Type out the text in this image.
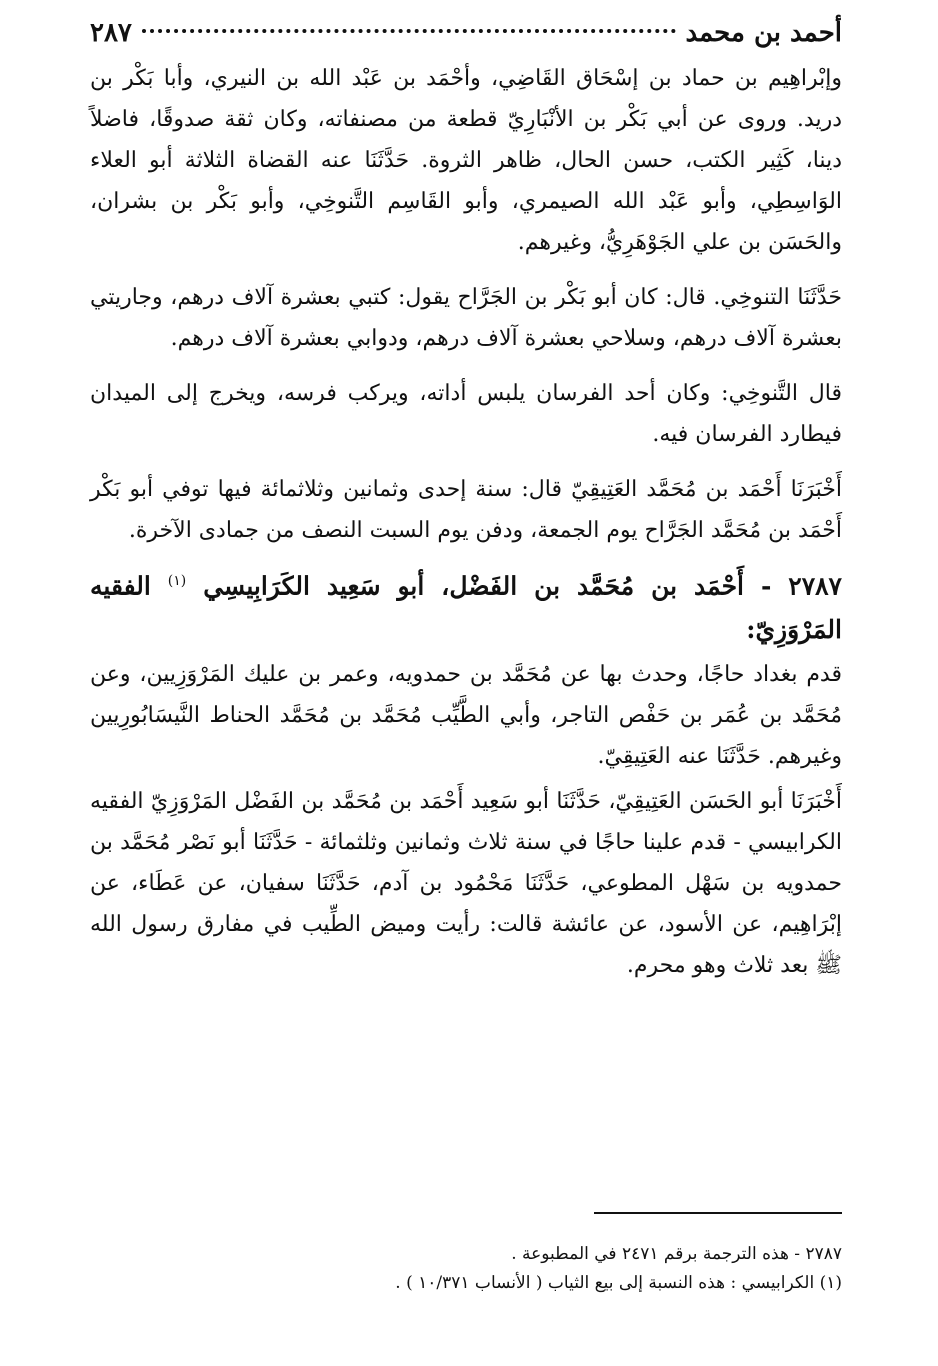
أحمد بن محمد
٢٨٧

وإبْراهِيم بن حماد بن إسْحَاق القَاضِي، وأحْمَد بن عَبْد الله بن النيري، وأبا بَكْر بن دريد. وروى عن أبي بَكْر بن الأنْبَارِيّ قطعة من مصنفاته، وكان ثقة صدوقًا، فاضلاً دينا، كَثِير الكتب، حسن الحال، ظاهر الثروة. حَدَّثَنَا عنه القضاة الثلاثة أبو العلاء الوَاسِطِي، وأبو عَبْد الله الصيمري، وأبو القَاسِم التَّنوخِي، وأبو بَكْر بن بشران، والحَسَن بن علي الجَوْهَرِيُّ، وغيرهم.

حَدَّثَنَا التنوخِي. قال: كان أبو بَكْر بن الجَرَّاح يقول: كتبي بعشرة آلاف درهم، وجاريتي بعشرة آلاف درهم، وسلاحي بعشرة آلاف درهم، ودوابي بعشرة آلاف درهم.

قال التَّنوخِي: وكان أحد الفرسان يلبس أداته، ويركب فرسه، ويخرج إلى الميدان فيطارد الفرسان فيه.

أَخْبَرَنَا أَحْمَد بن مُحَمَّد العَتِيقِيّ قال: سنة إحدى وثمانين وثلاثمائة فيها توفي أبو بَكْر أَحْمَد بن مُحَمَّد الجَرَّاح يوم الجمعة، ودفن يوم السبت النصف من جمادى الآخرة.

٢٧٨٧ - أَحْمَد بن مُحَمَّد بن الفَضْل، أبو سَعِيد الكَرَابِيسِي $^{(١)}$ الفقيه المَرْوَزِيّ:

قدم بغداد حاجًا، وحدث بها عن مُحَمَّد بن حمدويه، وعمر بن عليك المَرْوَزِيين، وعن مُحَمَّد بن عُمَر بن حَفْص التاجر، وأبي الطَّيِّب مُحَمَّد بن مُحَمَّد الحناط النَّيسَابُورِيين وغيرهم. حَدَّثَنَا عنه العَتِيقِيّ.

أَخْبَرَنَا أبو الحَسَن العَتِيقِيّ، حَدَّثَنَا أبو سَعِيد أَحْمَد بن مُحَمَّد بن الفَضْل المَرْوَزِيّ الفقيه الكرابيسي - قدم علينا حاجًا في سنة ثلاث وثمانين وثلثمائة - حَدَّثَنَا أبو نَصْر مُحَمَّد بن حمدويه بن سَهْل المطوعي، حَدَّثَنَا مَحْمُود بن آدم، حَدَّثَنَا سفيان، عن عَطَاء، عن إبْرَاهِيم، عن الأسود، عن عائشة قالت: رأيت وميض الطِّيب في مفارق رسول الله ﷺ بعد ثلاث وهو محرم.

٢٧٨٧ - هذه الترجمة برقم ٢٤٧١ في المطبوعة .

(١) الكرابيسي : هذه النسبة إلى بيع الثياب ( الأنساب ١٠/٣٧١ ) .
